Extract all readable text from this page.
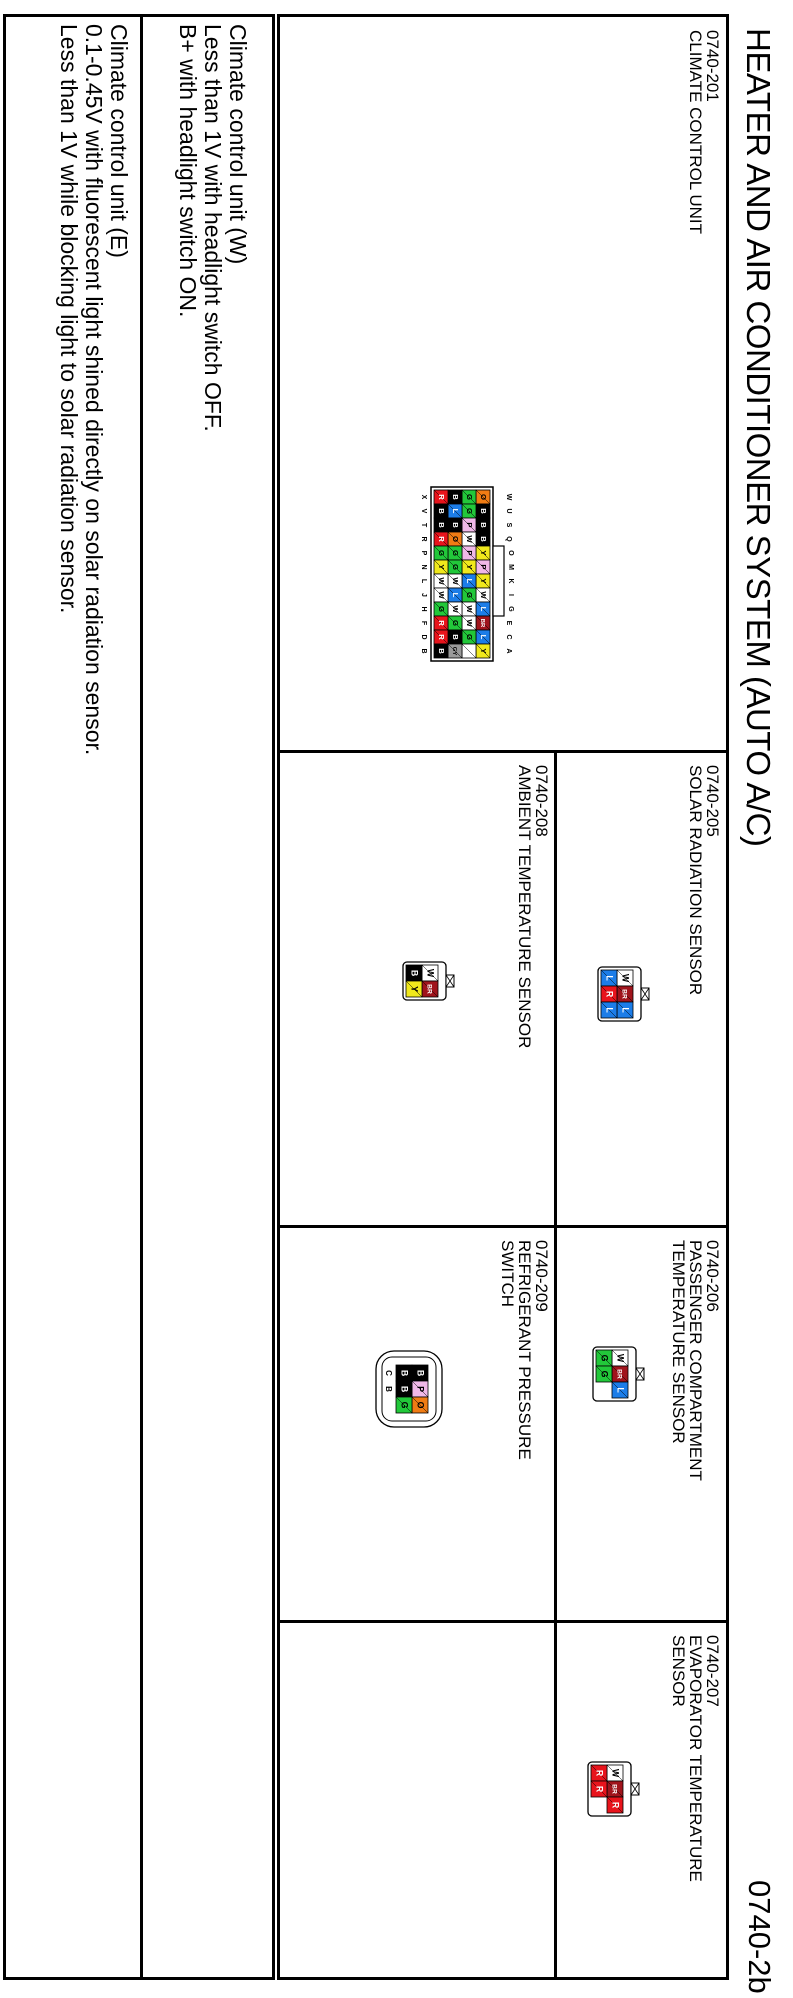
HEATER AND AIR CONDITIONER SYSTEM (AUTO A/C)
0740-2b
0740-201
CLIMATE CONTROL UNIT
W
U
S
Q
O
M
K
I
G
E
C
A
X
V
T
R
P
N
L
J
H
F
D
B
O
B
B
B
Y
P
Y
W
L
BR
L
Y
G
G
P
W
P
Y
L
G
W
W
G
B
L
B
O
G
G
W
L
W
G
B
GY
R
B
B
R
G
Y
W
W
G
R
R
B
0740-205
SOLAR RADIATION SENSOR
W
BR
L
L
R
L
0740-208
AMBIENT TEMPERATURE SENSOR
W
BR
B
Y
0740-206
PASSENGER COMPARTMENT
TEMPERATURE SENSOR
W
BR
L
G
G
0740-209
REFRIGERANT PRESSURE
SWITCH
B
P
O
B
B
G
C
B
0740-207
EVAPORATOR TEMPERATURE
SENSOR
W
BR
R
R
R
Climate control unit (W)
Less than 1V with headlight switch OFF.
B+ with headlight switch ON.
Climate control unit (E)
0.1-0.45V with fluorescent light shined directly on solar radiation sensor.
Less than 1V while blocking light to solar radiation sensor.
